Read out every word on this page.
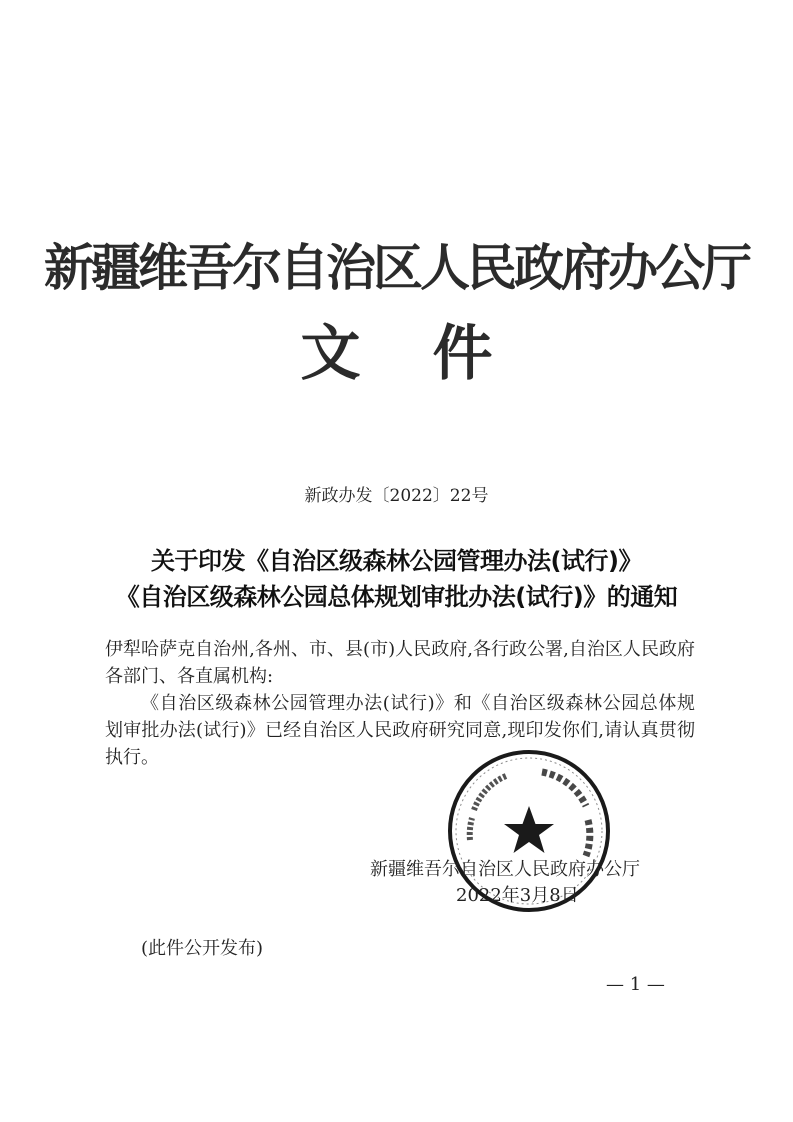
新疆维吾尔自治区人民政府办公厅
文 件
新政办发〔2022〕22号
关于印发《自治区级森林公园管理办法(试行)》
《自治区级森林公园总体规划审批办法(试行)》的通知

伊犁哈萨克自治州,各州、市、县(市)人民政府,各行政公署,自治区人民政府各部门、各直属机构:

《自治区级森林公园管理办法(试行)》和《自治区级森林公园总体规划审批办法(试行)》已经自治区人民政府研究同意,现印发你们,请认真贯彻执行。

新疆维吾尔自治区人民政府办公厅
2022年3月8日
(此件公开发布)
— 1 —
